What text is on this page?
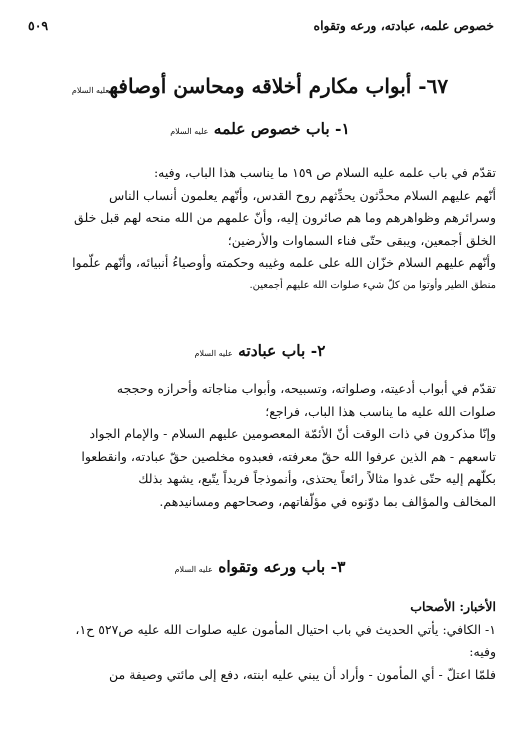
خصوص علمه، عبادته، ورعه وتقواه
٥٠٩
٦٧- أبواب مكارم أخلاقه ومحاسن أوصافهعليه السلام
١- باب خصوص علمه عليه السلام
تقدّم في باب علمه عليه السلام ص ١٥٩ ما يناسب هذا الباب، وفيه:
أنّهم عليهم السلام محدَّثون يحدِّثهم روح القدس، وأنّهم يعلمون أنساب الناس
وسرائرهم وظواهرهم وما هم صائرون إليه، وأنّ علمهم من الله منحه لهم قبل خلق
الخلق أجمعين، ويبقى حتّى فناء السماوات والأرضين؛
وأنّهم عليهم السلام خزّان الله على علمه وغيبه وحكمته وأوصياءُ أنبيائه، وأنّهم علّموا
منطق الطير وأوتوا من كلّ شيء صلوات الله عليهم أجمعين.
٢- باب عبادته عليه السلام
تقدّم في أبواب أدعيته، وصلواته، وتسبيحه، وأبواب مناجاته وأحرازه وحججه
صلوات الله عليه ما يناسب هذا الباب، فراجع؛
وإنّا مذكرون في ذات الوقت أنّ الأئمّة المعصومين عليهم السلام - والإمام الجواد
تاسعهم - هم الذين عرفوا الله حقّ معرفته، فعبدوه مخلصين حقّ عبادته، وانقطعوا
بكلّهم إليه حتّى غدوا مثالاً رائعاً يحتذى، وأنموذجاً فريداً يتّبع، يشهد بذلك
المخالف والمؤالف بما دوّنوه في مؤلّفاتهم، وصحاحهم ومسانيدهم.
٣- باب ورعه وتقواه عليه السلام
الأخبار: الأصحاب
١- الكافي: يأتي الحديث في باب احتيال المأمون عليه صلوات الله عليه ص٥٢٧ ح١،
وفيه:
فلمّا اعتلّ - أي المأمون - وأراد أن يبني عليه ابنته، دفع إلى مائتي وصيفة من
